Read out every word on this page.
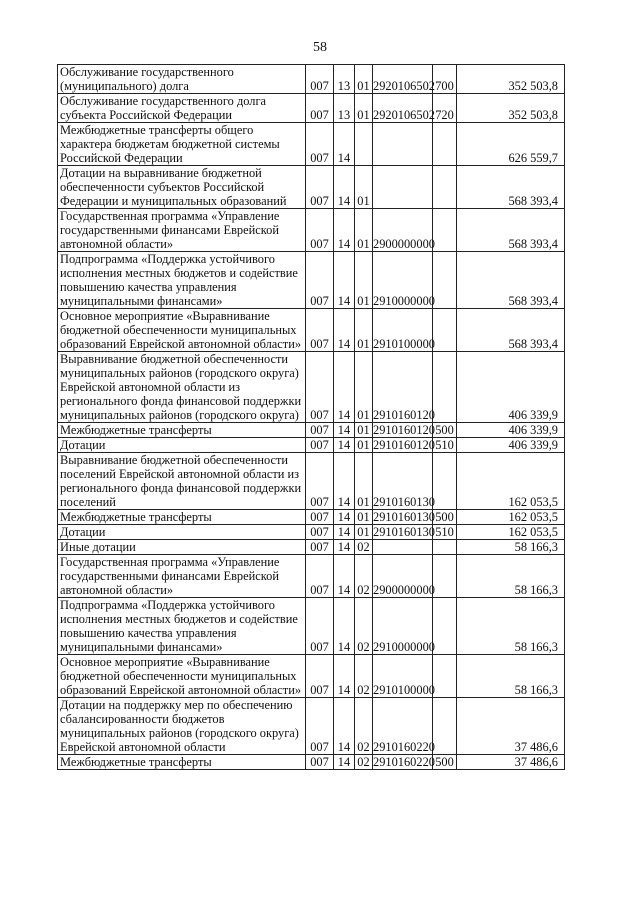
58
Обслуживание государственного (муниципального) долга	007	13	01	29 2 01 06502	700	352 503,8
Обслуживание государственного долга субъекта Российской Федерации	007	13	01	29 2 01 06502	720	352 503,8
Межбюджетные трансферты общего характера бюджетам бюджетной системы Российской Федерации	007	14				626 559,7
Дотации на выравнивание бюджетной обеспеченности субъектов Российской Федерации и муниципальных образований	007	14	01			568 393,4
Государственная программа «Управление государственными финансами Еврейской автономной области»	007	14	01	29 0 00 00000		568 393,4
Подпрограмма «Поддержка устойчивого исполнения местных бюджетов и содействие повышению качества управления муниципальными финансами»	007	14	01	29 1 00 00000		568 393,4
Основное мероприятие «Выравнивание бюджетной обеспеченности муниципальных образований Еврейской автономной области»	007	14	01	29 1 01 00000		568 393,4
Выравнивание бюджетной обеспеченности муниципальных районов (городского округа) Еврейской автономной области из регионального фонда финансовой поддержки муниципальных районов (городского округа)	007	14	01	29 1 01 60120		406 339,9
Межбюджетные трансферты	007	14	01	29 1 01 60120	500	406 339,9
Дотации	007	14	01	29 1 01 60120	510	406 339,9
Выравнивание бюджетной обеспеченности поселений Еврейской автономной области из регионального фонда финансовой поддержки поселений	007	14	01	29 1 01 60130		162 053,5
Межбюджетные трансферты	007	14	01	29 1 01 60130	500	162 053,5
Дотации	007	14	01	29 1 01 60130	510	162 053,5
Иные дотации	007	14	02			58 166,3
Государственная программа «Управление государственными финансами Еврейской автономной области»	007	14	02	29 0 00 00000		58 166,3
Подпрограмма «Поддержка устойчивого исполнения местных бюджетов и содействие повышению качества управления муниципальными финансами»	007	14	02	29 1 00 00000		58 166,3
Основное мероприятие «Выравнивание бюджетной обеспеченности муниципальных образований Еврейской автономной области»	007	14	02	29 1 01 00000		58 166,3
Дотации на поддержку мер по обеспечению сбалансированности бюджетов муниципальных районов (городского округа) Еврейской автономной области	007	14	02	29 1 01 60220		37 486,6
Межбюджетные трансферты	007	14	02	29 1 01 60220	500	37 486,6
